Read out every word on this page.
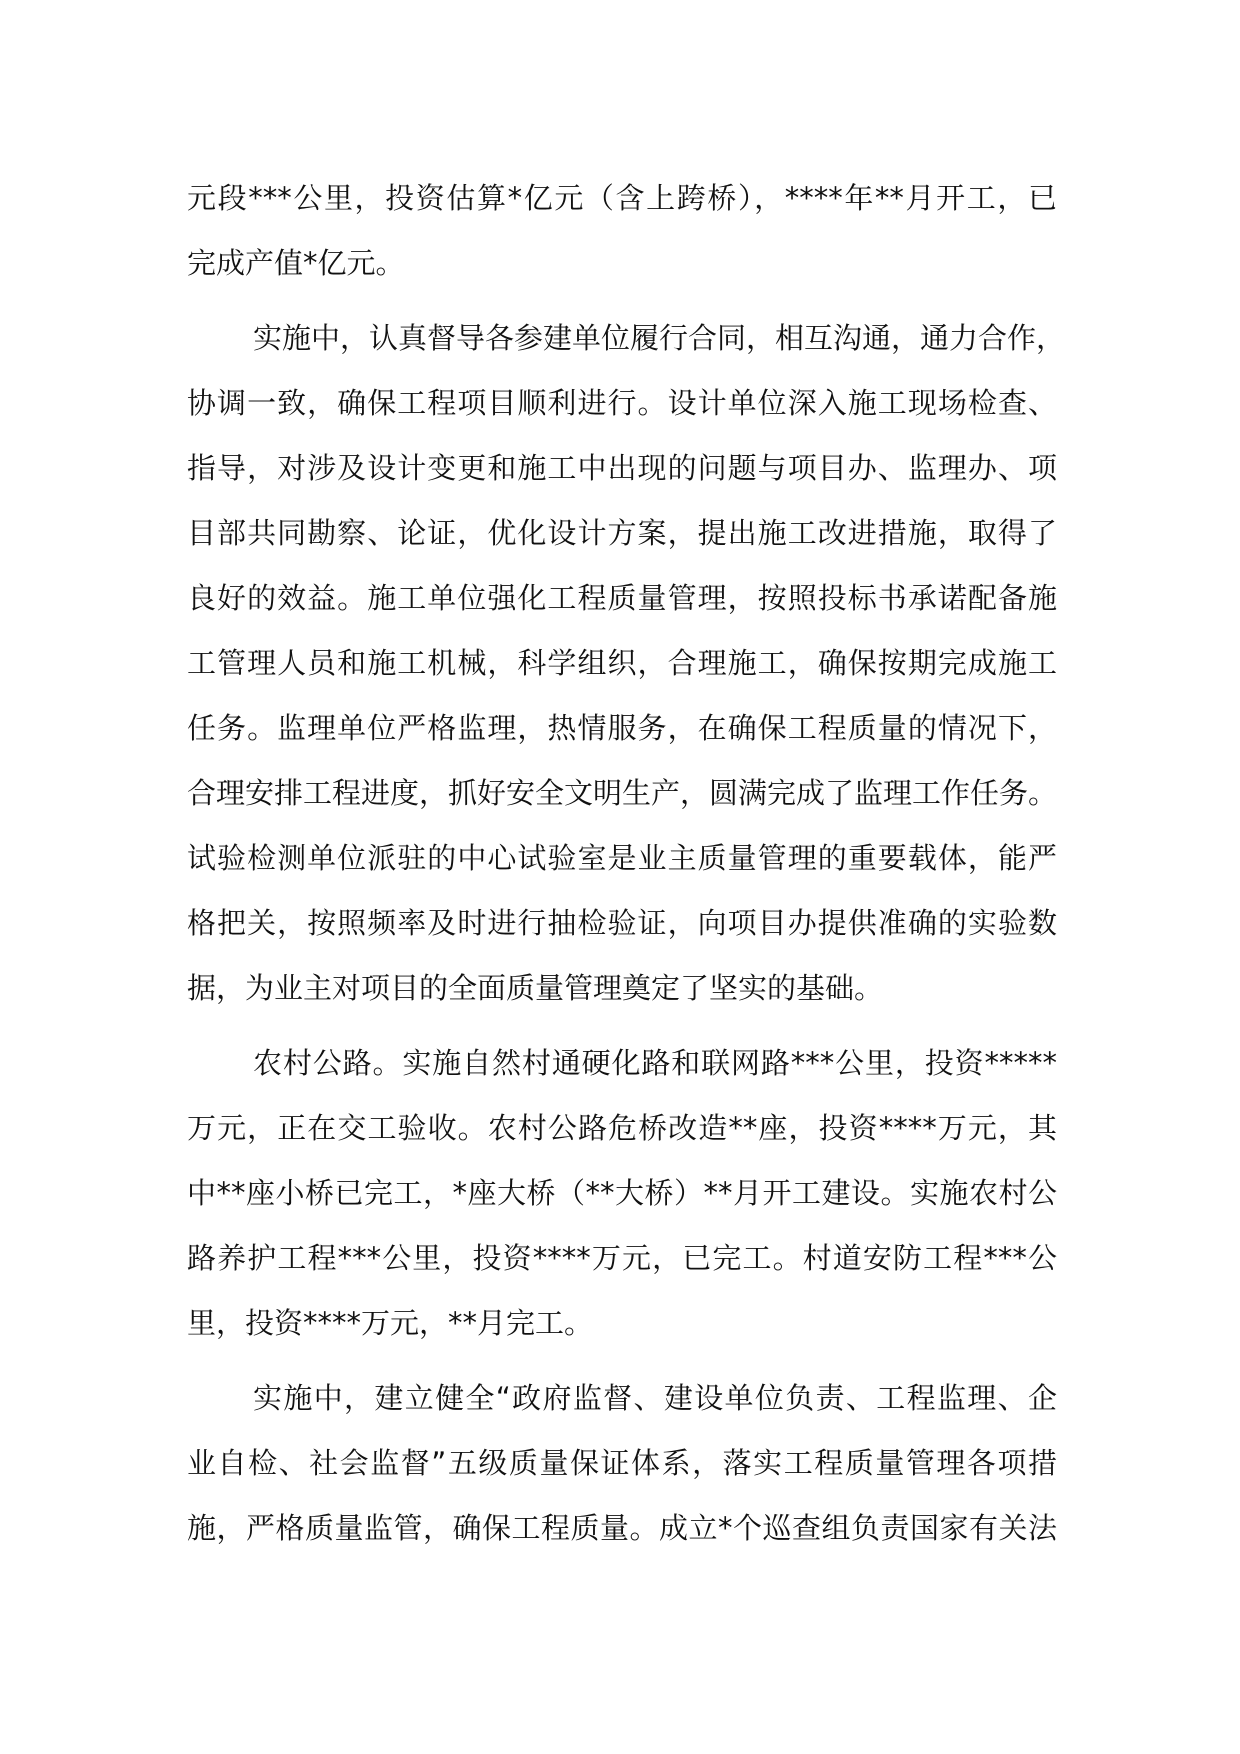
元段***公里，投资估算*亿元（含上跨桥），****年**月开工，已
完成产值*亿元。
实施中，认真督导各参建单位履行合同，相互沟通，通力合作，
协调一致，确保工程项目顺利进行。设计单位深入施工现场检查、
指导，对涉及设计变更和施工中出现的问题与项目办、监理办、项
目部共同勘察、论证，优化设计方案，提出施工改进措施，取得了
良好的效益。施工单位强化工程质量管理，按照投标书承诺配备施
工管理人员和施工机械，科学组织，合理施工，确保按期完成施工
任务。监理单位严格监理，热情服务，在确保工程质量的情况下，
合理安排工程进度，抓好安全文明生产，圆满完成了监理工作任务。
试验检测单位派驻的中心试验室是业主质量管理的重要载体，能严
格把关，按照频率及时进行抽检验证，向项目办提供准确的实验数
据，为业主对项目的全面质量管理奠定了坚实的基础。
农村公路。实施自然村通硬化路和联网路***公里，投资*****
万元，正在交工验收。农村公路危桥改造**座，投资****万元，其
中**座小桥已完工，*座大桥（**大桥）**月开工建设。实施农村公
路养护工程***公里，投资****万元，已完工。村道安防工程***公
里，投资****万元，**月完工。
实施中，建立健全“政府监督、建设单位负责、工程监理、企
业自检、社会监督”五级质量保证体系，落实工程质量管理各项措
施，严格质量监管，确保工程质量。成立*个巡查组负责国家有关法
